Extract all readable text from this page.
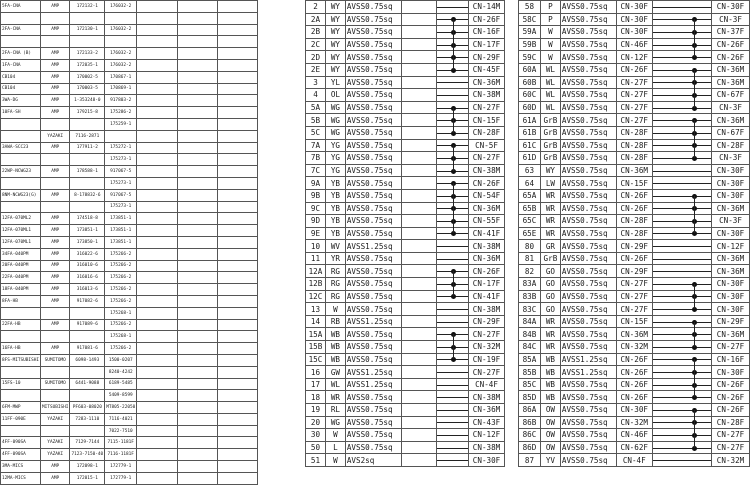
5FA-CNA	AMP	172132-1	176032-2			

2FA-CNA	AMP	172130-1	176032-2			

2FA-CNA (B)	AMP	172133-2	176032-2			
1FA-CNA	AMP	172035-1	176032-2			
CB104	AMP	170002-5	170867-1			
CB104	AMP	170003-5	170869-1			
3WA-DG	AMP	1-353248-0	917803-2			
10FA-SH	AMP	179215-8	175286-2			
			175259-1			
	YAZAKI	7116-2871				
3AWA-SCC23	AMP	177911-2	175272-1			
			175273-1			
22WP-NCWG23	AMP	178588-1	917067-5			
			175273-1			
8NM-NCWG23(G)	AMP	8-178832-6	917067-5			
			175273-1			
12FA-070ML2	AMP	174518-8	173851-1			
12FA-070ML1	AMP	173851-1	173851-1			
12FA-070ML1	AMP	173850-1	173851-1			
34FA-040PM	AMP	316022-6	175266-2			
20FA-040PM	AMP	316010-6	175266-2			
22FA-040PM	AMP	316016-6	175266-2			
18FA-040PM	AMP	316013-6	175266-2			
8FA-HB	AMP	917082-6	175266-2			
			175268-1			
22FA-HB	AMP	917089-6	175266-2			
			175268-1			
16FA-HB	AMP	917081-6	175266-2			
8FS-MITSUBISHI	SUMITOMO	6098-1493	1500-0207			
			8240-4242			
15FS-10	SUMITOMO	6441-9088	6189-5485			
			5409-8599			
6FM-MWP	MITSUBISHI	PF603-08020	MT805-22050			
11FF-090E	YAZAKI	7283-1110	7116-4021			
			7022-7510			
4FF-090SA	YAZAKI	7129-7144	7115-1181F			
4FF-090SA	YAZAKI	7123-7150-40	7116-1181F			
3MA-MICS	AMP	172098-1	172779-1			
12MA-MICS	AMP	172015-1	172779-1			
2	WY	AVSS0.75sq			CN-14M
2A	WY	AVSS0.75sq			CN-26F
2B	WY	AVSS0.75sq			CN-16F
2C	WY	AVSS0.75sq			CN-17F
2D	WY	AVSS0.75sq			CN-29F
2E	WY	AVSS0.75sq			CN-45F
3	YL	AVSS0.75sq			CN-36M
4	OL	AVSS0.75sq			CN-38M
5A	WG	AVSS0.75sq			CN-27F
5B	WG	AVSS0.75sq			CN-15F
5C	WG	AVSS0.75sq			CN-28F
7A	YG	AVSS0.75sq			CN-5F
7B	YG	AVSS0.75sq			CN-27F
7C	YG	AVSS0.75sq			CN-38M
9A	YB	AVSS0.75sq			CN-26F
9B	YB	AVSS0.75sq			CN-54F
9C	YB	AVSS0.75sq			CN-36M
9D	YB	AVSS0.75sq			CN-55F
9E	YB	AVSS0.75sq			CN-41F
10	WV	AVSS1.25sq			CN-38M
11	YR	AVSS0.75sq			CN-36M
12A	RG	AVSS0.75sq			CN-26F
12B	RG	AVSS0.75sq			CN-17F
12C	RG	AVSS0.75sq			CN-41F
13	W	AVSS0.75sq			CN-38M
14	RB	AVSS1.25sq			CN-29F
15A	WB	AVSS0.75sq			CN-27F
15B	WB	AVSS0.75sq			CN-32M
15C	WB	AVSS0.75sq			CN-19F
16	GW	AVSS1.25sq			CN-27F
17	WL	AVSS1.25sq			CN-4F
18	WR	AVSS0.75sq			CN-38M
19	RL	AVSS0.75sq			CN-36M
20	WG	AVSS0.75sq			CN-43F
30	W	AVSS0.75sq			CN-12F
50	L	AVSS0.75sq			CN-38M
51	W	AVS2sq			CN-30F
58	P	AVSS0.75sq	CN-30F		CN-30F
58C	P	AVSS0.75sq	CN-30F		CN-3F
59A	W	AVSS0.75sq	CN-30F		CN-37F
59B	W	AVSS0.75sq	CN-46F		CN-26F
59C	W	AVSS0.75sq	CN-12F		CN-26F
60A	WL	AVSS0.75sq	CN-26F		CN-36M
60B	WL	AVSS0.75sq	CN-27F		CN-36M
60C	WL	AVSS0.75sq	CN-27F		CN-67F
60D	WL	AVSS0.75sq	CN-27F		CN-3F
61A	GrB	AVSS0.75sq	CN-27F		CN-36M
61B	GrB	AVSS0.75sq	CN-28F		CN-67F
61C	GrB	AVSS0.75sq	CN-28F		CN-28F
61D	GrB	AVSS0.75sq	CN-28F		CN-3F
63	WY	AVSS0.75sq	CN-36M		CN-30F
64	LW	AVSS0.75sq	CN-15F		CN-30F
65A	WR	AVSS0.75sq	CN-26F		CN-30F
65B	WR	AVSS0.75sq	CN-26F		CN-36M
65C	WR	AVSS0.75sq	CN-28F		CN-3F
65E	WR	AVSS0.75sq	CN-28F		CN-30F
80	GR	AVSS0.75sq	CN-29F		CN-12F
81	GrB	AVSS0.75sq	CN-26F		CN-36M
82	GO	AVSS0.75sq	CN-29F		CN-36M
83A	GO	AVSS0.75sq	CN-27F		CN-30F
83B	GO	AVSS0.75sq	CN-27F		CN-30F
83C	GO	AVSS0.75sq	CN-27F		CN-30F
84A	WR	AVSS0.75sq	CN-15F		CN-29F
84B	WR	AVSS0.75sq	CN-36M		CN-36M
84C	WR	AVSS0.75sq	CN-32M		CN-27F
85A	WB	AVSS1.25sq	CN-26F		CN-16F
85B	WB	AVSS1.25sq	CN-26F		CN-30F
85C	WB	AVSS0.75sq	CN-26F		CN-26F
85D	WB	AVSS0.75sq	CN-26F		CN-26F
86A	OW	AVSS0.75sq	CN-30F		CN-26F
86B	OW	AVSS0.75sq	CN-32M		CN-28F
86C	OW	AVSS0.75sq	CN-46F		CN-27F
86D	OW	AVSS0.75sq	CN-62F		CN-27F
87	YV	AVSS0.75sq	CN-4F		CN-32M
